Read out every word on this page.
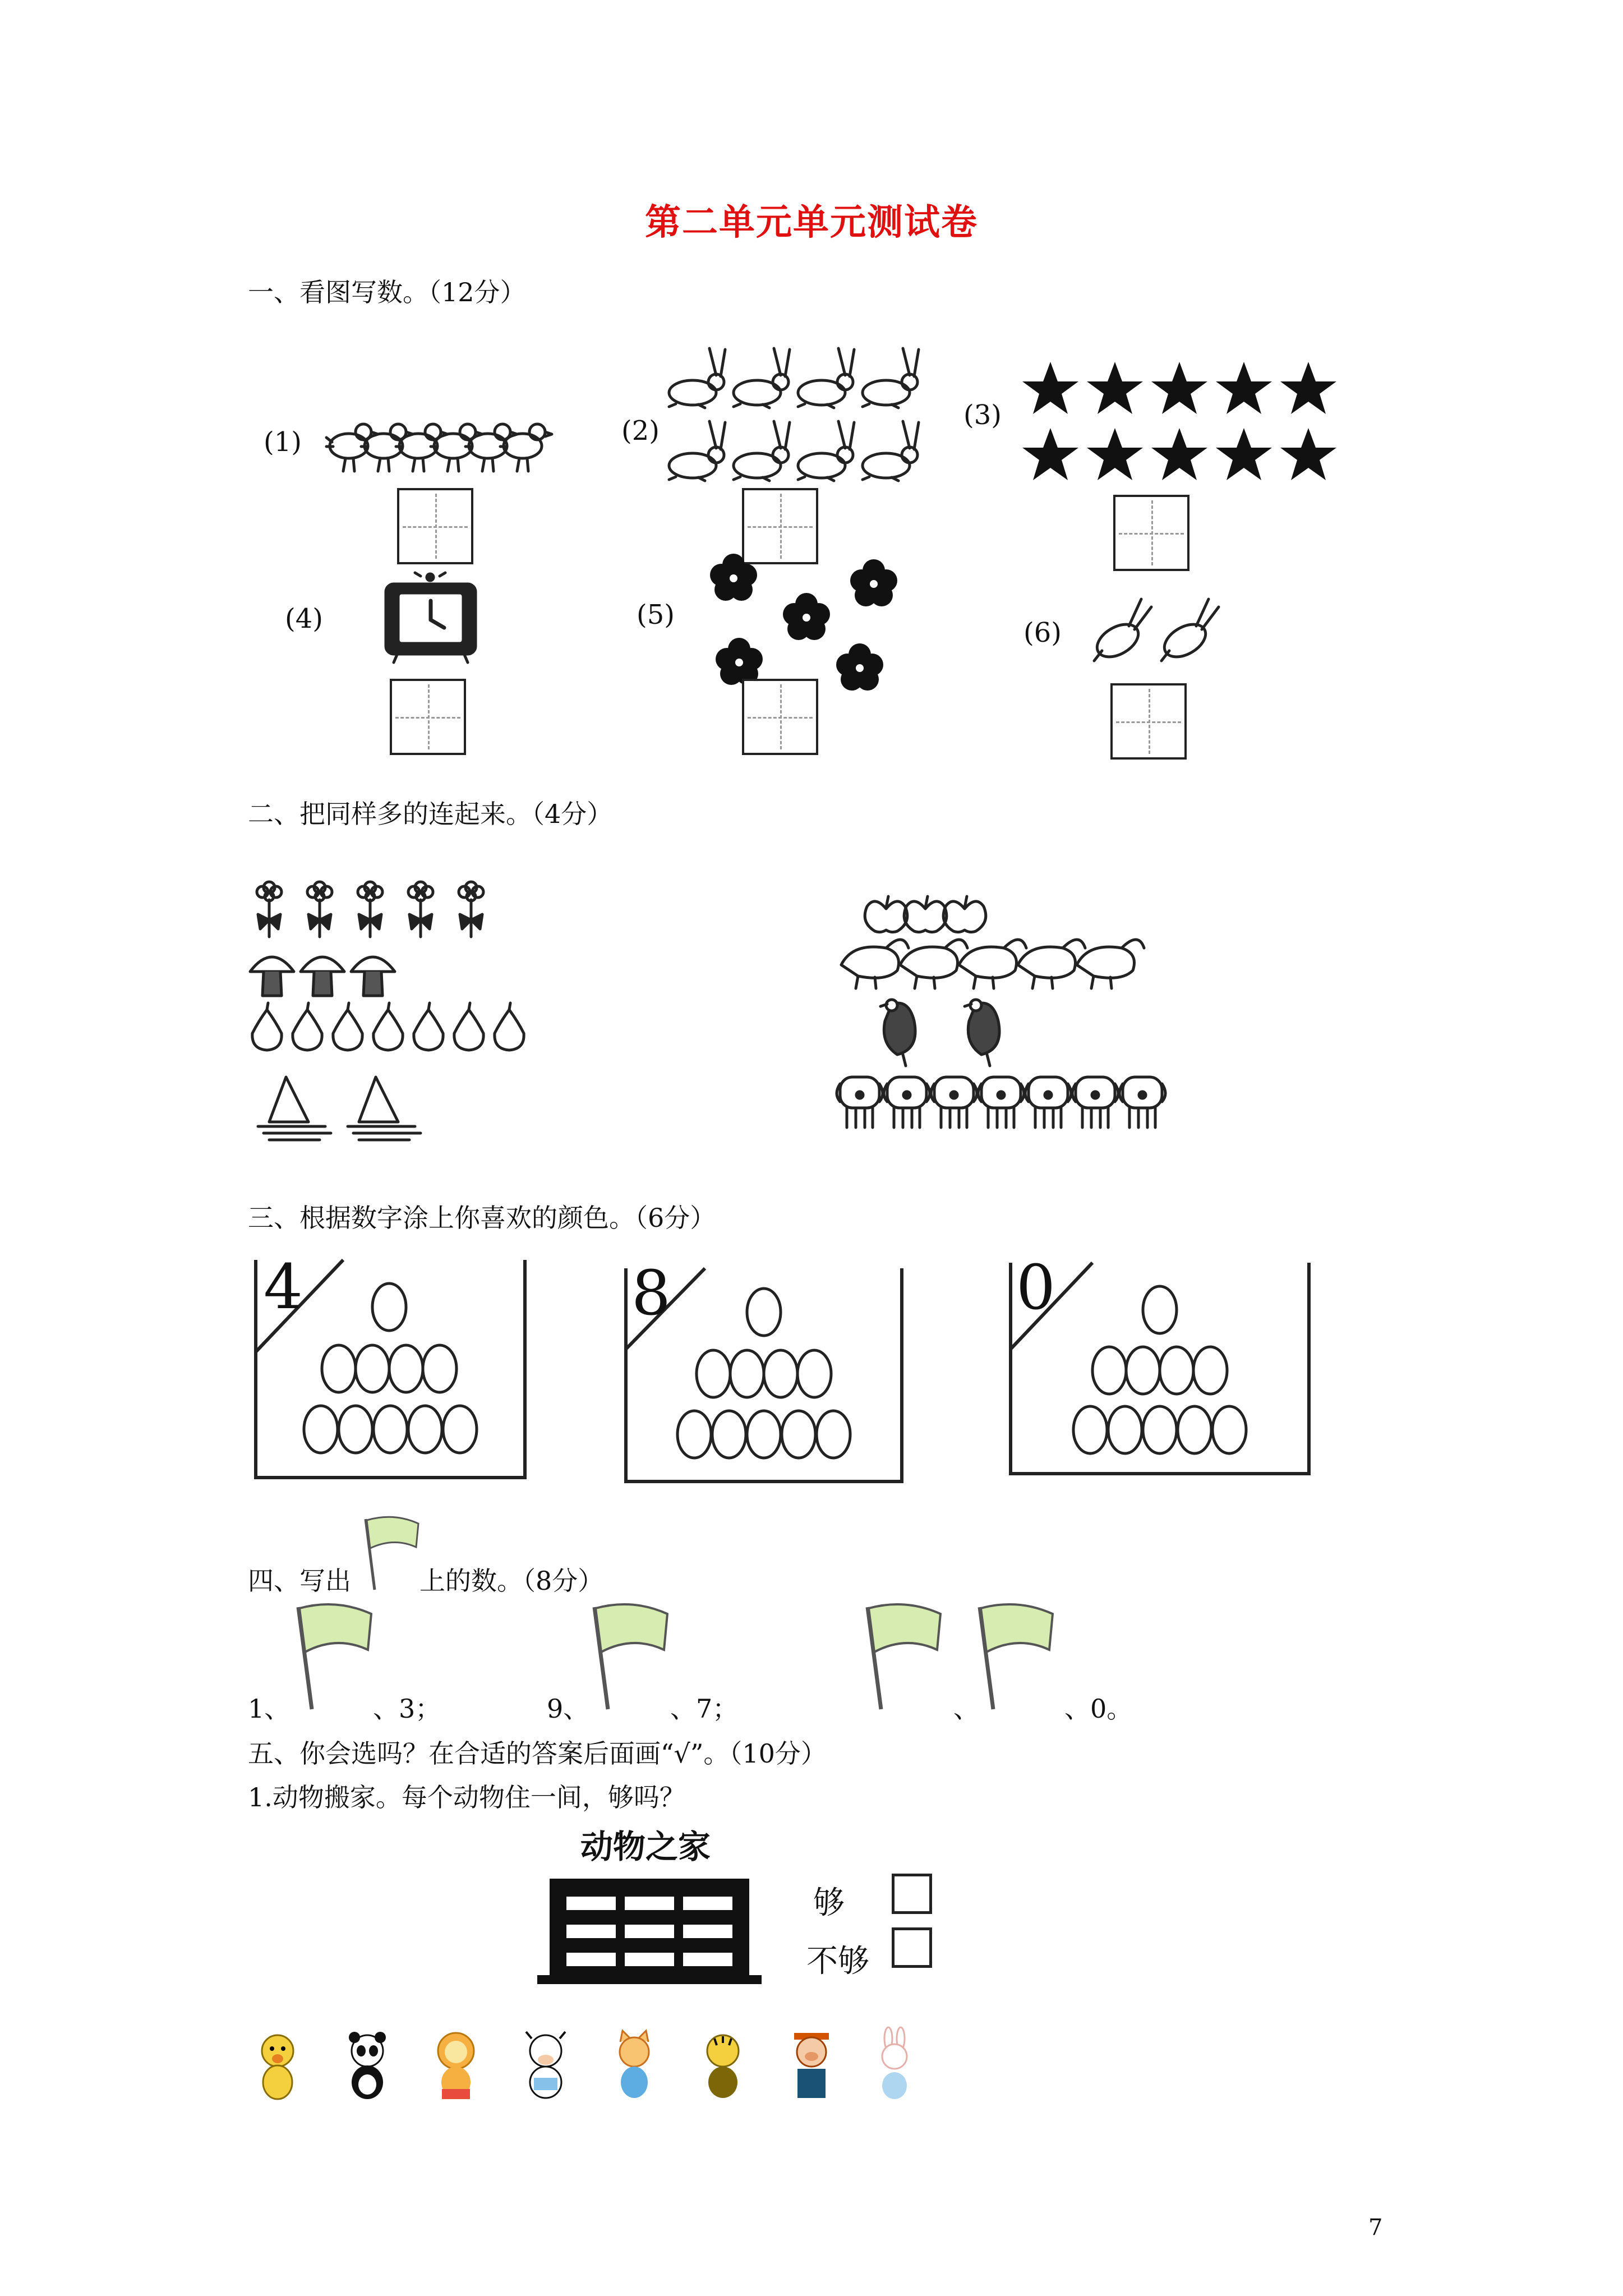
第二单元单元测试卷
一、看图写数。（12分）
(1)	(2)	(3)
(4)	(5)
(6)
二、把同样多的连起来。（4分）
三、根据数字涂上你喜欢的颜色。（6分）
4	8	0
四、写出	上的数。（8分）
1、	、3；	9、	、7；	、	、0。
五、你会选吗？在合适的答案后面画“√”。（10分）
1.动物搬家。每个动物住一间，够吗？
动物之家
够
不够
7
